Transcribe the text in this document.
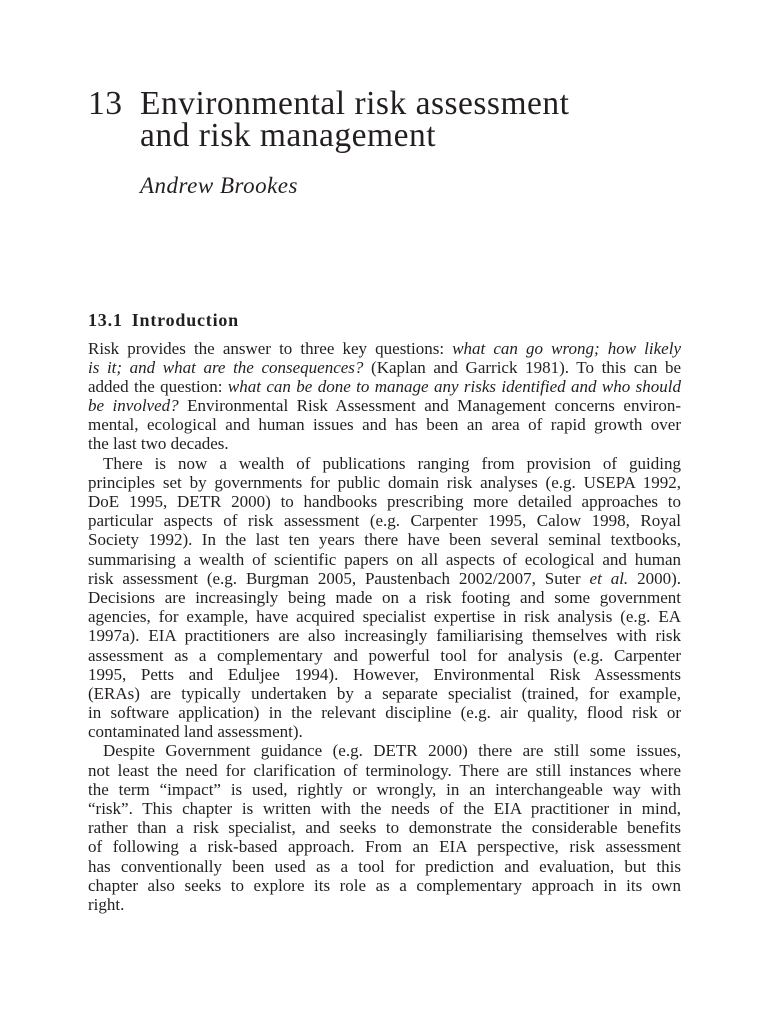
13 Environmental risk assessment
and risk management
Andrew Brookes
13.1 Introduction
Risk provides the answer to three key questions: what can go wrong; how likely
is it; and what are the consequences? (Kaplan and Garrick 1981). To this can be
added the question: what can be done to manage any risks identified and who should
be involved? Environmental Risk Assessment and Management concerns environ-
mental, ecological and human issues and has been an area of rapid growth over
the last two decades.
There is now a wealth of publications ranging from provision of guiding
principles set by governments for public domain risk analyses (e.g. USEPA 1992,
DoE 1995, DETR 2000) to handbooks prescribing more detailed approaches to
particular aspects of risk assessment (e.g. Carpenter 1995, Calow 1998, Royal
Society 1992). In the last ten years there have been several seminal textbooks,
summarising a wealth of scientific papers on all aspects of ecological and human
risk assessment (e.g. Burgman 2005, Paustenbach 2002/2007, Suter et al. 2000).
Decisions are increasingly being made on a risk footing and some government
agencies, for example, have acquired specialist expertise in risk analysis (e.g. EA
1997a). EIA practitioners are also increasingly familiarising themselves with risk
assessment as a complementary and powerful tool for analysis (e.g. Carpenter
1995, Petts and Eduljee 1994). However, Environmental Risk Assessments
(ERAs) are typically undertaken by a separate specialist (trained, for example,
in software application) in the relevant discipline (e.g. air quality, flood risk or
contaminated land assessment).
Despite Government guidance (e.g. DETR 2000) there are still some issues,
not least the need for clarification of terminology. There are still instances where
the term “impact” is used, rightly or wrongly, in an interchangeable way with
“risk”. This chapter is written with the needs of the EIA practitioner in mind,
rather than a risk specialist, and seeks to demonstrate the considerable benefits
of following a risk-based approach. From an EIA perspective, risk assessment
has conventionally been used as a tool for prediction and evaluation, but this
chapter also seeks to explore its role as a complementary approach in its own
right.
